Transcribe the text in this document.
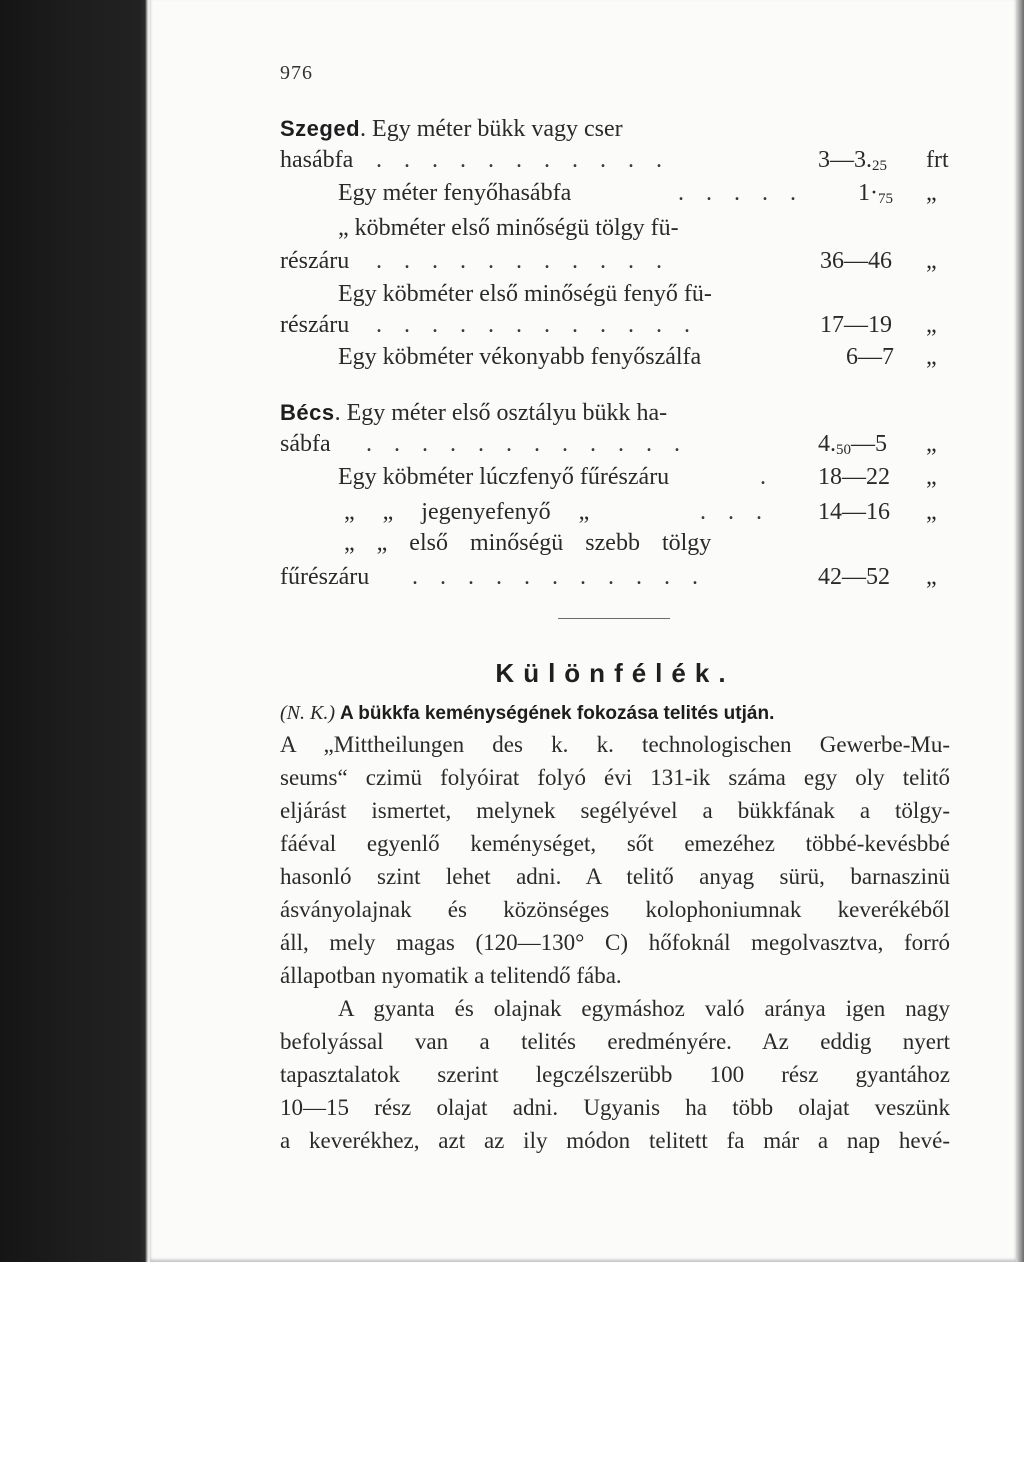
976
Szeged. Egy méter bükk vagy cser
hasábfa . . . . . . . . . . .	$3—3._{25}$ frt
Egy méter fenyőhasábfa	. . . . . $1\cdot_{75}$ „
„ köbméter első minőségü tölgy fü-
részáru . . . . . . . . . . .	36—46 „
Egy köbméter első minőségü fenyő fü-
részáru . . . . . . . . . . . .	17—19 „
Egy köbméter vékonyabb fenyőszálfa	6—7 „
Bécs. Egy méter első osztályu bükk ha-
sábfa . . . . . . . . . . . .	$4._{50}—5$ „
Egy köbméter lúczfenyő fűrészáru	. 18—22 „
„ „ jegenyefenyő „	. . . 14—16 „
„ „ első minőségü szebb tölgy
fűrészáru . . . . . . . . . . .	42—52 „
Különfélék.
(N. K.) A bükkfa keménységének fokozása telités utján.
A „Mittheilungen des k. k. technologischen Gewerbe-Mu-
seums“ czimü folyóirat folyó évi 131-ik száma egy oly telitő
eljárást ismertet, melynek segélyével a bükkfának a tölgy-
fáéval egyenlő keménységet, sőt emezéhez többé-kevésbbé
hasonló szint lehet adni. A telitő anyag sürü, barnaszinü
ásványolajnak és közönséges kolophoniumnak keverékéből
áll, mely magas (120—130° C) hőfoknál megolvasztva, forró
állapotban nyomatik a telitendő fába.
A gyanta és olajnak egymáshoz való aránya igen nagy
befolyással van a telités eredményére. Az eddig nyert
tapasztalatok szerint legczélszerübb 100 rész gyantához
10—15 rész olajat adni. Ugyanis ha több olajat veszünk
a keverékhez, azt az ily módon telitett fa már a nap hevé-
